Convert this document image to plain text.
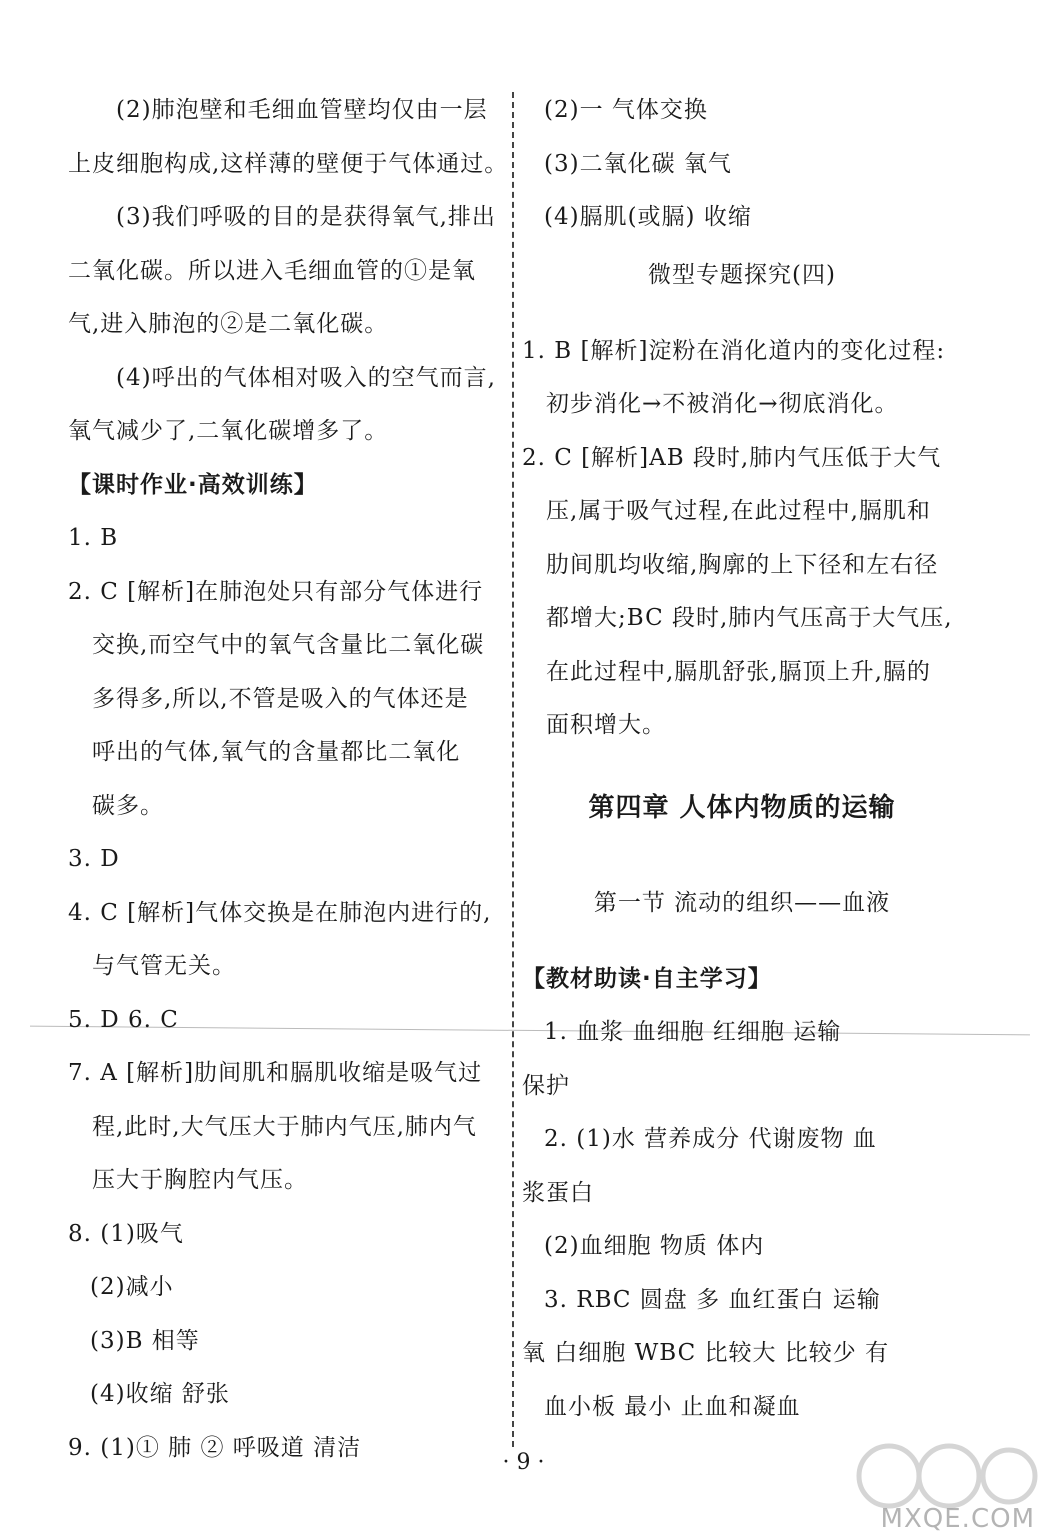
(2)肺泡壁和毛细血管壁均仅由一层
上皮细胞构成,这样薄的壁便于气体通过。
(3)我们呼吸的目的是获得氧气,排出
二氧化碳。所以进入毛细血管的①是氧
气,进入肺泡的②是二氧化碳。
(4)呼出的气体相对吸入的空气而言,
氧气减少了,二氧化碳增多了。
【课时作业·高效训练】
1. B
2. C [解析]在肺泡处只有部分气体进行
交换,而空气中的氧气含量比二氧化碳
多得多,所以,不管是吸入的气体还是
呼出的气体,氧气的含量都比二氧化
碳多。
3. D
4. C [解析]气体交换是在肺泡内进行的,
与气管无关。
5. D 6. C
7. A [解析]肋间肌和膈肌收缩是吸气过
程,此时,大气压大于肺内气压,肺内气
压大于胸腔内气压。
8. (1)吸气
(2)减小
(3)B 相等
(4)收缩 舒张
9. (1)① 肺 ② 呼吸道 清洁
(2)一 气体交换
(3)二氧化碳 氧气
(4)膈肌(或膈) 收缩
微型专题探究(四)
1. B [解析]淀粉在消化道内的变化过程:
初步消化→不被消化→彻底消化。
2. C [解析]AB 段时,肺内气压低于大气
压,属于吸气过程,在此过程中,膈肌和
肋间肌均收缩,胸廓的上下径和左右径
都增大;BC 段时,肺内气压高于大气压,
在此过程中,膈肌舒张,膈顶上升,膈的
面积增大。
第四章 人体内物质的运输
第一节 流动的组织——血液
【教材助读·自主学习】
1. 血浆 血细胞 红细胞 运输
保护
2. (1)水 营养成分 代谢废物 血
浆蛋白
(2)血细胞 物质 体内
3. RBC 圆盘 多 血红蛋白 运输
氧 白细胞 WBC 比较大 比较少 有
血小板 最小 止血和凝血
· 9 ·
MXQE.COM
